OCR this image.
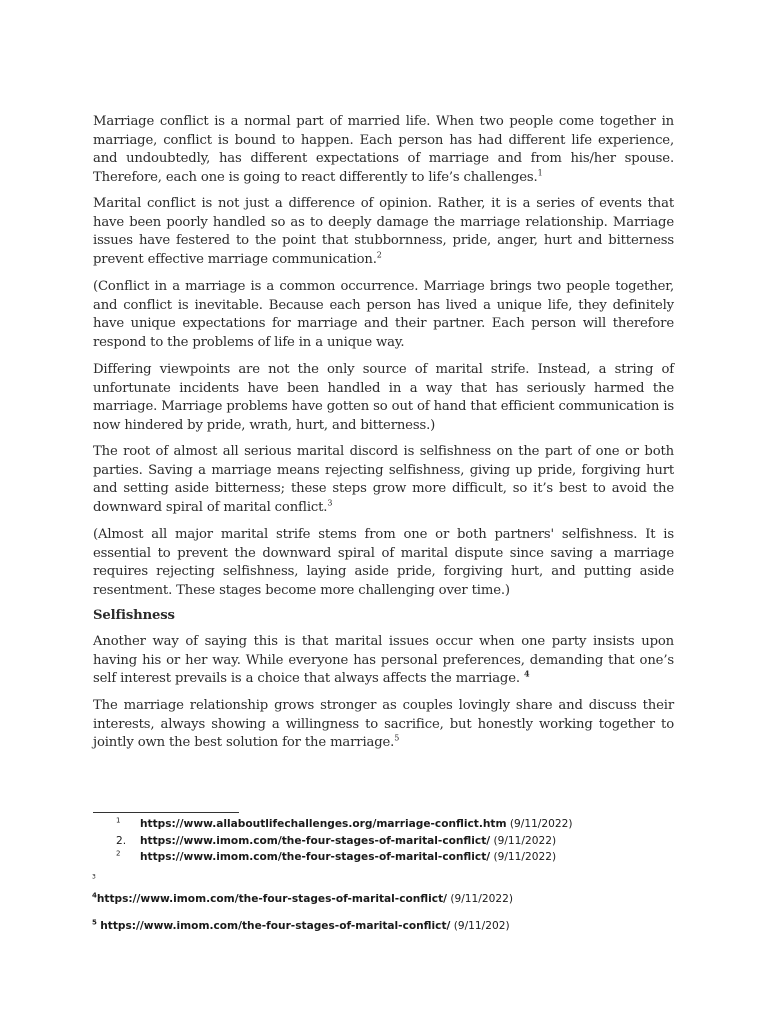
Marriage conflict is a normal part of married life. When two people come together in marriage, conflict is bound to happen. Each person has had different life experience, and undoubtedly, has different expectations of marriage and from his/her spouse. Therefore, each one is going to react differently to life’s challenges.$^1$

Marital conflict is not just a difference of opinion. Rather, it is a series of events that have been poorly handled so as to deeply damage the marriage relationship. Marriage issues have festered to the point that stubbornness, pride, anger, hurt and bitterness prevent effective marriage communication.$^2$

(Conflict in a marriage is a common occurrence. Marriage brings two people together, and conflict is inevitable. Because each person has lived a unique life, they definitely have unique expectations for marriage and their partner. Each person will therefore respond to the problems of life in a unique way.

Differing viewpoints are not the only source of marital strife. Instead, a string of unfortunate incidents have been handled in a way that has seriously harmed the marriage. Marriage problems have gotten so out of hand that efficient communication is now hindered by pride, wrath, hurt, and bitterness.)

The root of almost all serious marital discord is selfishness on the part of one or both parties. Saving a marriage means rejecting selfishness, giving up pride, forgiving hurt and setting aside bitterness; these steps grow more difficult, so it’s best to avoid the downward spiral of marital conflict.$^3$

(Almost all major marital strife stems from one or both partners' selfishness. It is essential to prevent the downward spiral of marital dispute since saving a marriage requires rejecting selfishness, laying aside pride, forgiving hurt, and putting aside resentment. These stages become more challenging over time.)

Selfishness

Another way of saying this is that marital issues occur when one party insists upon having his or her way. While everyone has personal preferences, demanding that one’s self interest prevails is a choice that always affects the marriage. $^4$

The marriage relationship grows stronger as couples lovingly share and discuss their interests, always showing a willingness to sacrifice, but honestly working together to jointly own the best solution for the marriage.$^5$

$^1$ https://www.allaboutlifechallenges.org/marriage-conflict.htm (9/11/2022)
2. https://www.imom.com/the-four-stages-of-marital-conflict/ (9/11/2022)
$^2$ https://www.imom.com/the-four-stages-of-marital-conflict/ (9/11/2022)
$^3$
$^4$https://www.imom.com/the-four-stages-of-marital-conflict/ (9/11/2022)
$^5$ https://www.imom.com/the-four-stages-of-marital-conflict/ (9/11/202)
